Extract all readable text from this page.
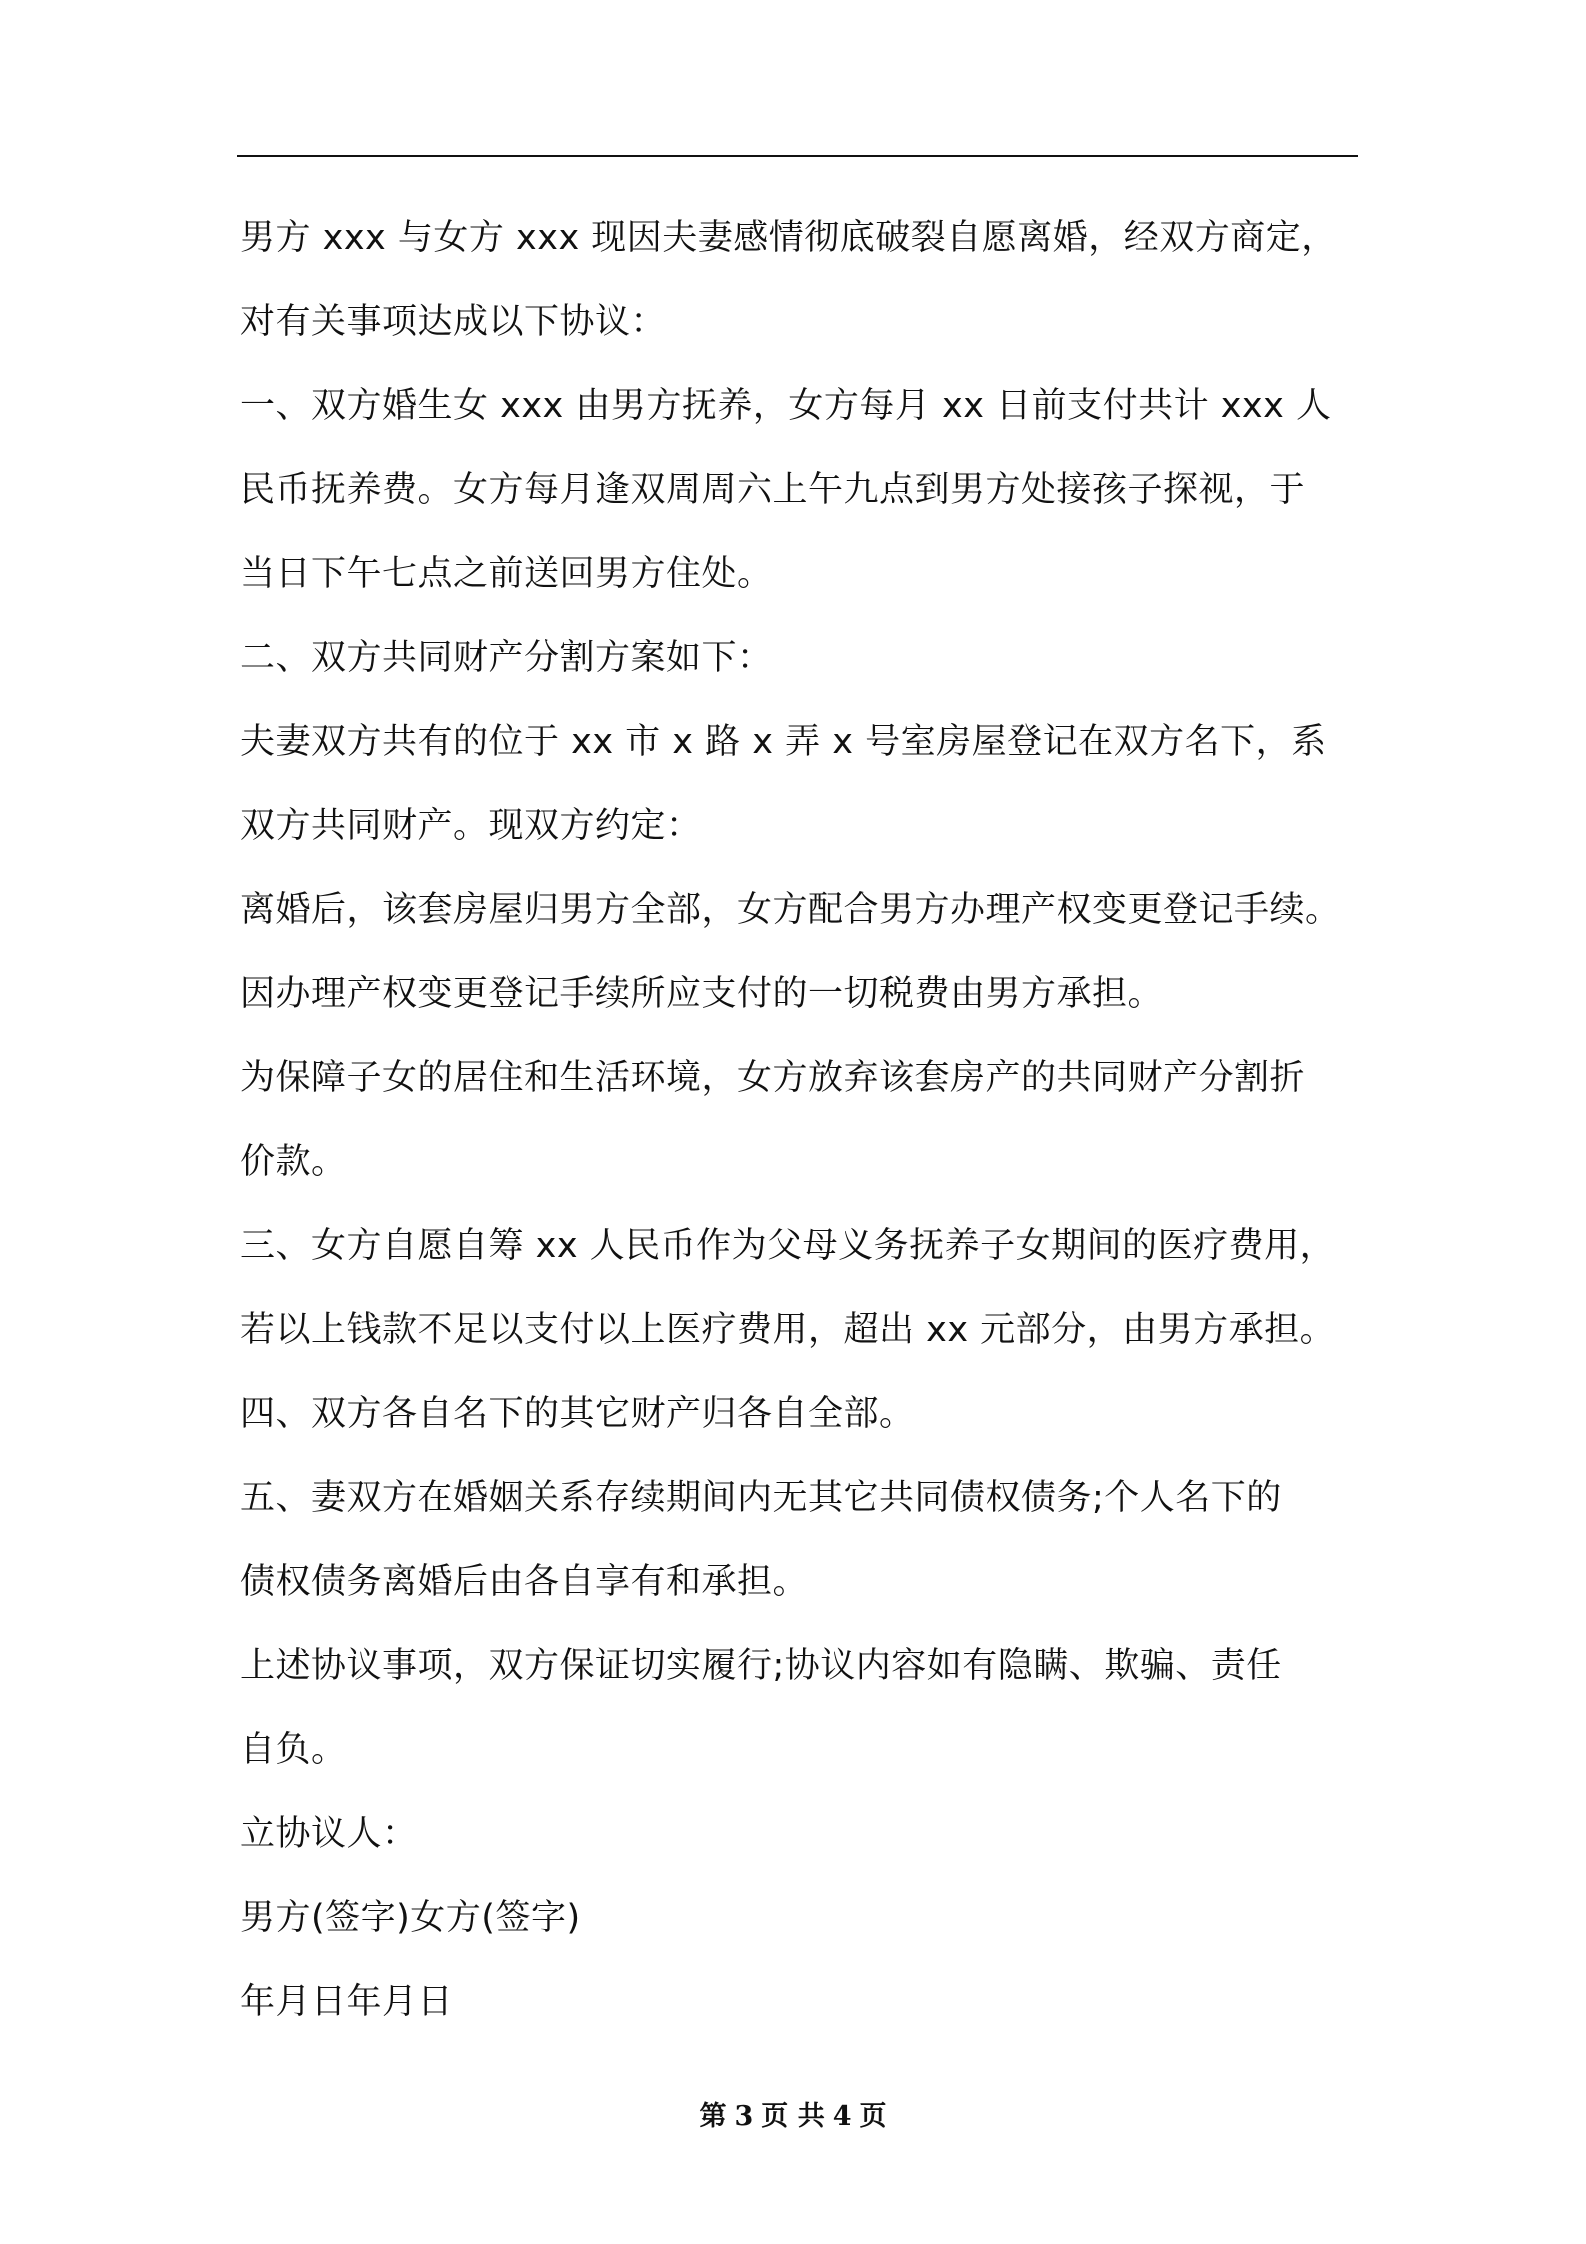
男方 xxx 与女方 xxx 现因夫妻感情彻底破裂自愿离婚，经双方商定，
对有关事项达成以下协议：
一、双方婚生女 xxx 由男方抚养，女方每月 xx 日前支付共计 xxx 人
民币抚养费。女方每月逢双周周六上午九点到男方处接孩子探视，于
当日下午七点之前送回男方住处。
二、双方共同财产分割方案如下：
夫妻双方共有的位于 xx 市 x 路 x 弄 x 号室房屋登记在双方名下，系
双方共同财产。现双方约定：
离婚后，该套房屋归男方全部，女方配合男方办理产权变更登记手续。
因办理产权变更登记手续所应支付的一切税费由男方承担。
为保障子女的居住和生活环境，女方放弃该套房产的共同财产分割折
价款。
三、女方自愿自筹 xx 人民币作为父母义务抚养子女期间的医疗费用，
若以上钱款不足以支付以上医疗费用，超出 xx 元部分，由男方承担。
四、双方各自名下的其它财产归各自全部。
五、妻双方在婚姻关系存续期间内无其它共同债权债务;个人名下的
债权债务离婚后由各自享有和承担。
上述协议事项，双方保证切实履行;协议内容如有隐瞒、欺骗、责任
自负。
立协议人：
男方(签字)女方(签字)
年月日年月日
第 3 页 共 4 页
